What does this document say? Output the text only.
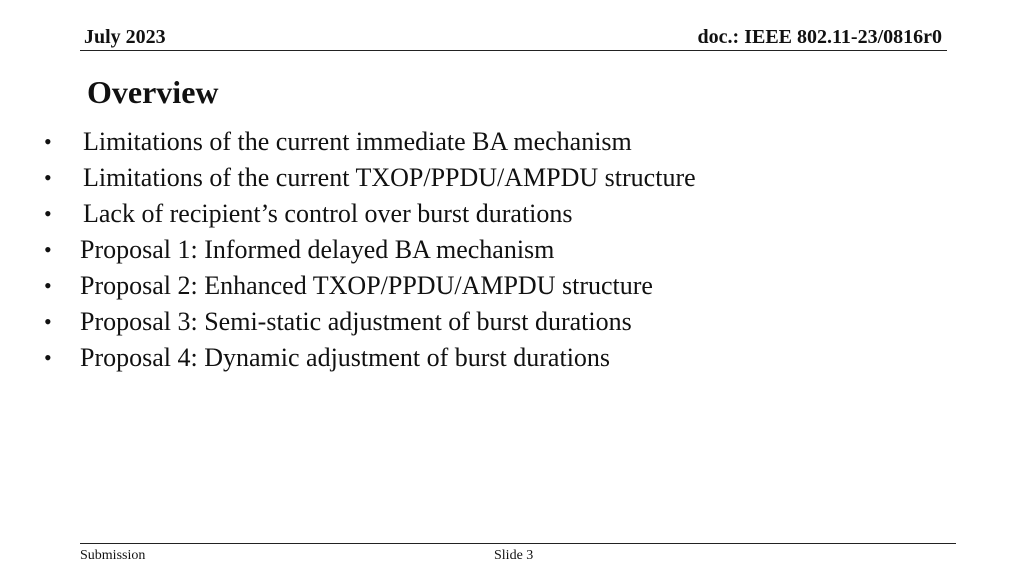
July 2023	doc.: IEEE 802.11-23/0816r0
Overview
• Limitations of the current immediate BA mechanism
• Limitations of the current TXOP/PPDU/AMPDU structure
• Lack of recipient’s control over burst durations
• Proposal 1: Informed delayed BA mechanism
• Proposal 2: Enhanced TXOP/PPDU/AMPDU structure
• Proposal 3: Semi-static adjustment of burst durations
• Proposal 4: Dynamic adjustment of burst durations
Submission	Slide 3
